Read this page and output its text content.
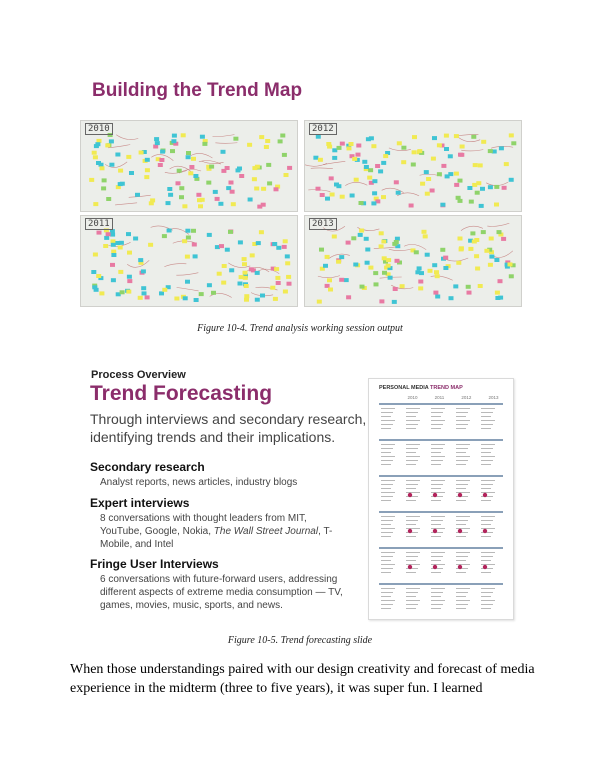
Building the Trend Map
2010	2012
2011	2013
Figure 10-4. Trend analysis working session output
Process Overview
Trend Forecasting
Through interviews and secondary research, identifying trends and their implications.
Secondary research
Analyst reports, news articles, industry blogs
Expert interviews
8 conversations with thought leaders from MIT, YouTube, Google, Nokia, The Wall Street Journal, T-Mobile, and Intel
Fringe User Interviews
6 conversations with future-forward users, addressing different aspects of extreme media consumption — TV, games, movies, music, sports, and news.
PERSONAL MEDIA TREND MAP
2010	2011	2012	2013
Figure 10-5. Trend forecasting slide
When those understandings paired with our design creativity and forecast of media experience in the midterm (three to five years), it was super fun. I learned
